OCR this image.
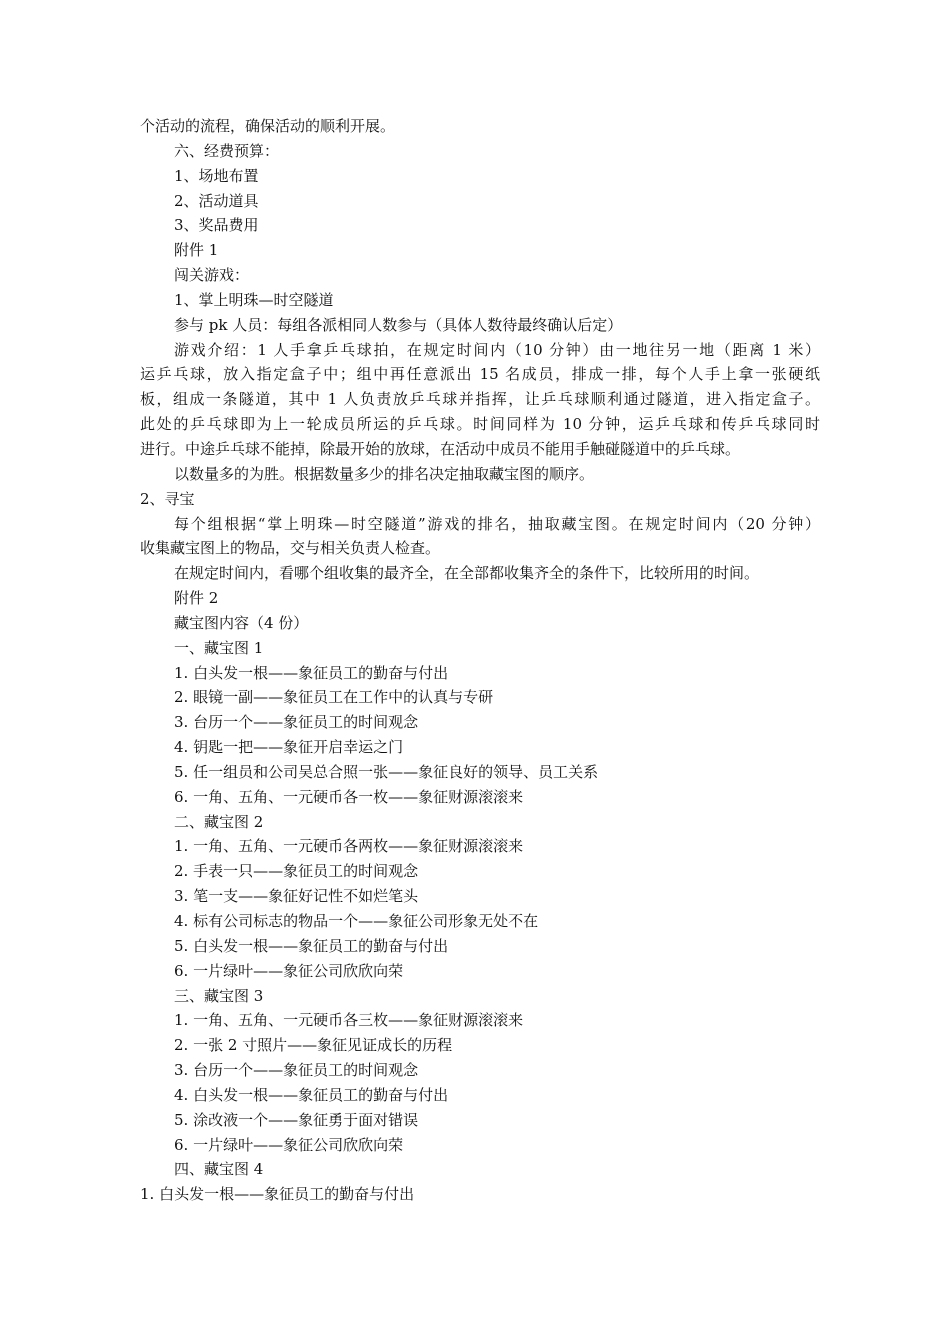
个活动的流程，确保活动的顺利开展。
六、经费预算：
1、场地布置
2、活动道具
3、奖品费用
附件 1
闯关游戏：
1、掌上明珠—时空隧道
参与 pk 人员：每组各派相同人数参与（具体人数待最终确认后定）
游戏介绍：1 人手拿乒乓球拍，在规定时间内（10 分钟）由一地往另一地（距离 1 米）
运乒乓球，放入指定盒子中；组中再任意派出 15 名成员，排成一排，每个人手上拿一张硬纸
板，组成一条隧道，其中 1 人负责放乒乓球并指挥，让乒乓球顺利通过隧道，进入指定盒子。
此处的乒乓球即为上一轮成员所运的乒乓球。时间同样为 10 分钟，运乒乓球和传乒乓球同时
进行。中途乒乓球不能掉，除最开始的放球，在活动中成员不能用手触碰隧道中的乒乓球。
以数量多的为胜。根据数量多少的排名决定抽取藏宝图的顺序。
2、寻宝
每个组根据“掌上明珠—时空隧道”游戏的排名，抽取藏宝图。在规定时间内（20 分钟）
收集藏宝图上的物品，交与相关负责人检查。
在规定时间内，看哪个组收集的最齐全，在全部都收集齐全的条件下，比较所用的时间。
附件 2
藏宝图内容（4 份）
一、藏宝图 1
1. 白头发一根——象征员工的勤奋与付出
2. 眼镜一副——象征员工在工作中的认真与专研
3. 台历一个——象征员工的时间观念
4. 钥匙一把——象征开启幸运之门
5. 任一组员和公司吴总合照一张——象征良好的领导、员工关系
6. 一角、五角、一元硬币各一枚——象征财源滚滚来
二、藏宝图 2
1. 一角、五角、一元硬币各两枚——象征财源滚滚来
2. 手表一只——象征员工的时间观念
3. 笔一支——象征好记性不如烂笔头
4. 标有公司标志的物品一个——象征公司形象无处不在
5. 白头发一根——象征员工的勤奋与付出
6. 一片绿叶——象征公司欣欣向荣
三、藏宝图 3
1. 一角、五角、一元硬币各三枚——象征财源滚滚来
2. 一张 2 寸照片——象征见证成长的历程
3. 台历一个——象征员工的时间观念
4. 白头发一根——象征员工的勤奋与付出
5. 涂改液一个——象征勇于面对错误
6. 一片绿叶——象征公司欣欣向荣
四、藏宝图 4
1. 白头发一根——象征员工的勤奋与付出
